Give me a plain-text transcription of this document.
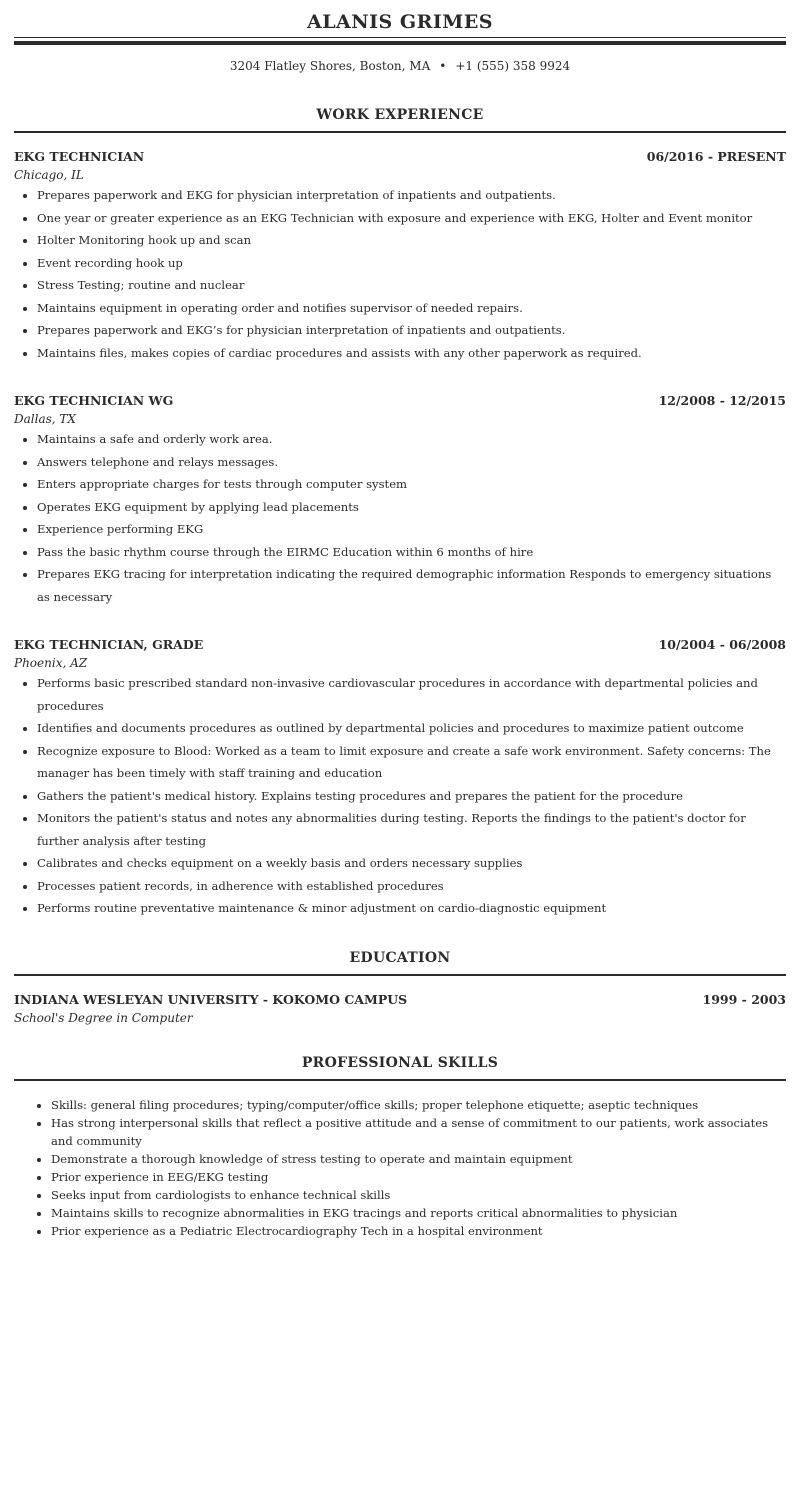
ALANIS GRIMES
3204 Flatley Shores, Boston, MA • +1 (555) 358 9924
WORK EXPERIENCE
EKG TECHNICIAN	06/2016 - PRESENT
Chicago, IL
• Prepares paperwork and EKG for physician interpretation of inpatients and outpatients.
• One year or greater experience as an EKG Technician with exposure and experience with EKG, Holter and Event monitor
• Holter Monitoring hook up and scan
• Event recording hook up
• Stress Testing; routine and nuclear
• Maintains equipment in operating order and notifies supervisor of needed repairs.
• Prepares paperwork and EKG’s for physician interpretation of inpatients and outpatients.
• Maintains files, makes copies of cardiac procedures and assists with any other paperwork as required.
EKG TECHNICIAN WG	12/2008 - 12/2015
Dallas, TX
• Maintains a safe and orderly work area.
• Answers telephone and relays messages.
• Enters appropriate charges for tests through computer system
• Operates EKG equipment by applying lead placements
• Experience performing EKG
• Pass the basic rhythm course through the EIRMC Education within 6 months of hire
• Prepares EKG tracing for interpretation indicating the required demographic information Responds to emergency situations as necessary
EKG TECHNICIAN, GRADE	10/2004 - 06/2008
Phoenix, AZ
• Performs basic prescribed standard non-invasive cardiovascular procedures in accordance with departmental policies and procedures
• Identifies and documents procedures as outlined by departmental policies and procedures to maximize patient outcome
• Recognize exposure to Blood: Worked as a team to limit exposure and create a safe work environment. Safety concerns: The manager has been timely with staff training and education
• Gathers the patient's medical history. Explains testing procedures and prepares the patient for the procedure
• Monitors the patient's status and notes any abnormalities during testing. Reports the findings to the patient's doctor for further analysis after testing
• Calibrates and checks equipment on a weekly basis and orders necessary supplies
• Processes patient records, in adherence with established procedures
• Performs routine preventative maintenance & minor adjustment on cardio-diagnostic equipment
EDUCATION
INDIANA WESLEYAN UNIVERSITY - KOKOMO CAMPUS	1999 - 2003
School's Degree in Computer
PROFESSIONAL SKILLS
• Skills: general filing procedures; typing/computer/office skills; proper telephone etiquette; aseptic techniques
• Has strong interpersonal skills that reflect a positive attitude and a sense of commitment to our patients, work associates and community
• Demonstrate a thorough knowledge of stress testing to operate and maintain equipment
• Prior experience in EEG/EKG testing
• Seeks input from cardiologists to enhance technical skills
• Maintains skills to recognize abnormalities in EKG tracings and reports critical abnormalities to physician
• Prior experience as a Pediatric Electrocardiography Tech in a hospital environment
